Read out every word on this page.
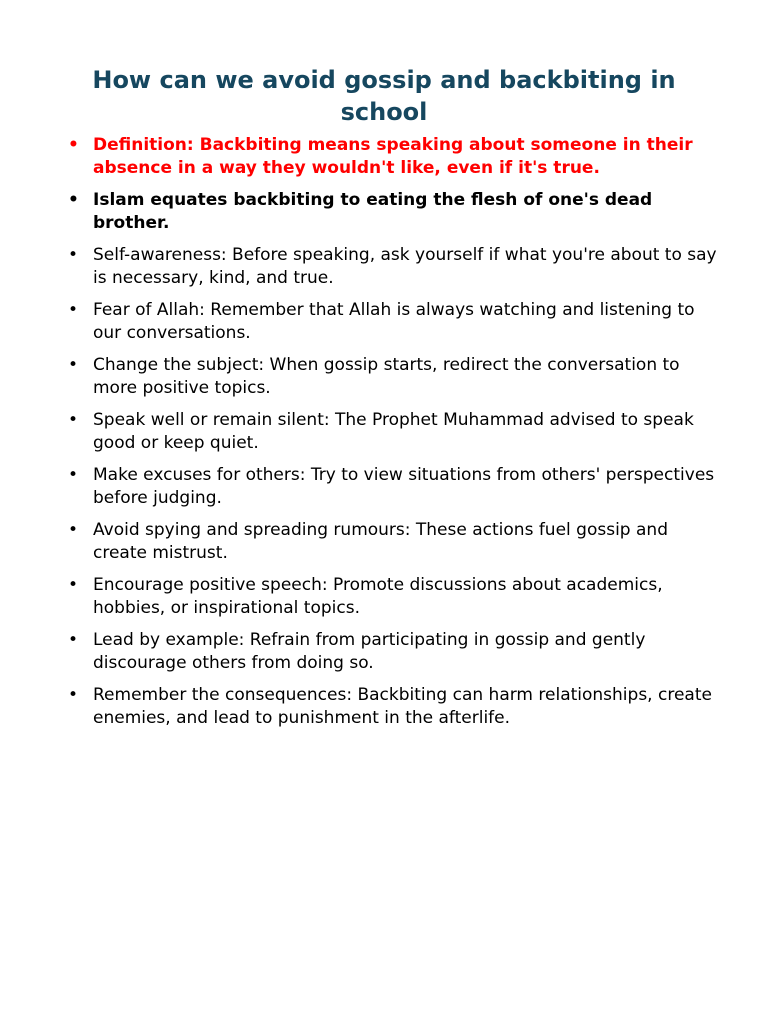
How can we avoid gossip and backbiting in school
• Definition: Backbiting means speaking about someone in their absence in a way they wouldn't like, even if it's true.
• Islam equates backbiting to eating the flesh of one's dead brother.
• Self-awareness: Before speaking, ask yourself if what you're about to say is necessary, kind, and true.
• Fear of Allah: Remember that Allah is always watching and listening to our conversations.
• Change the subject: When gossip starts, redirect the conversation to more positive topics.
• Speak well or remain silent: The Prophet Muhammad advised to speak good or keep quiet.
• Make excuses for others: Try to view situations from others' perspectives before judging.
• Avoid spying and spreading rumours: These actions fuel gossip and create mistrust.
• Encourage positive speech: Promote discussions about academics, hobbies, or inspirational topics.
• Lead by example: Refrain from participating in gossip and gently discourage others from doing so.
• Remember the consequences: Backbiting can harm relationships, create enemies, and lead to punishment in the afterlife.
